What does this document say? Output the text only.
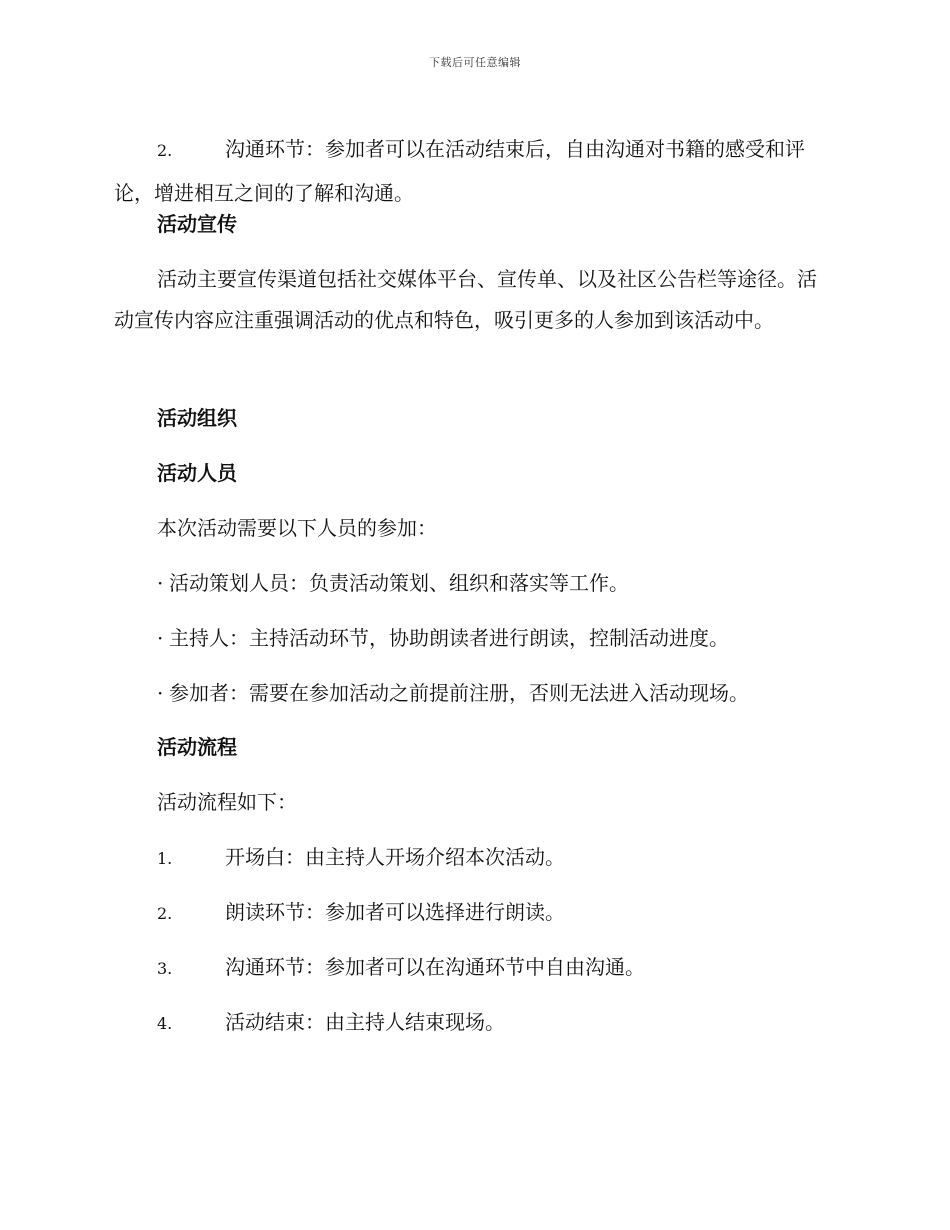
下载后可任意编辑

2.	沟通环节：参加者可以在活动结束后，自由沟通对书籍的感受和评论，增进相互之间的了解和沟通。

活动宣传

活动主要宣传渠道包括社交媒体平台、宣传单、以及社区公告栏等途径。活动宣传内容应注重强调活动的优点和特色，吸引更多的人参加到该活动中。

活动组织
活动人员

本次活动需要以下人员的参加：

· 活动策划人员：负责活动策划、组织和落实等工作。

· 主持人：主持活动环节，协助朗读者进行朗读，控制活动进度。

· 参加者：需要在参加活动之前提前注册，否则无法进入活动现场。

活动流程

活动流程如下：

1.	开场白：由主持人开场介绍本次活动。

2.	朗读环节：参加者可以选择进行朗读。

3.	沟通环节：参加者可以在沟通环节中自由沟通。

4.	活动结束：由主持人结束现场。
